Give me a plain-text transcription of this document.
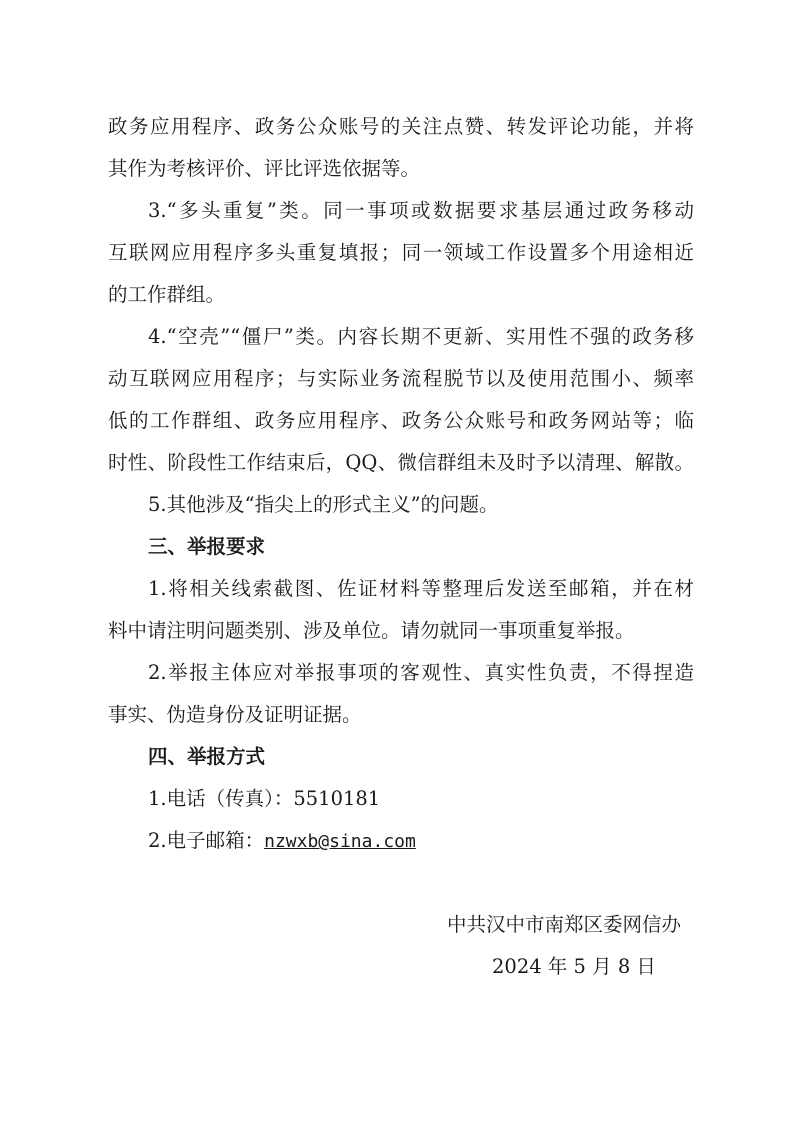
政务应用程序、政务公众账号的关注点赞、转发评论功能，并将
其作为考核评价、评比评选依据等。
3.“多头重复”类。同一事项或数据要求基层通过政务移动
互联网应用程序多头重复填报；同一领域工作设置多个用途相近
的工作群组。
4.“空壳”“僵尸”类。内容长期不更新、实用性不强的政务移
动互联网应用程序；与实际业务流程脱节以及使用范围小、频率
低的工作群组、政务应用程序、政务公众账号和政务网站等；临
时性、阶段性工作结束后，QQ、微信群组未及时予以清理、解散。
5.其他涉及“指尖上的形式主义”的问题。
三、举报要求
1.将相关线索截图、佐证材料等整理后发送至邮箱，并在材
料中请注明问题类别、涉及单位。请勿就同一事项重复举报。
2.举报主体应对举报事项的客观性、真实性负责，不得捏造
事实、伪造身份及证明证据。
四、举报方式
1.电话（传真）：5510181
2.电子邮箱：nzwxb@sina.com
中共汉中市南郑区委网信办
2024 年 5 月 8 日
